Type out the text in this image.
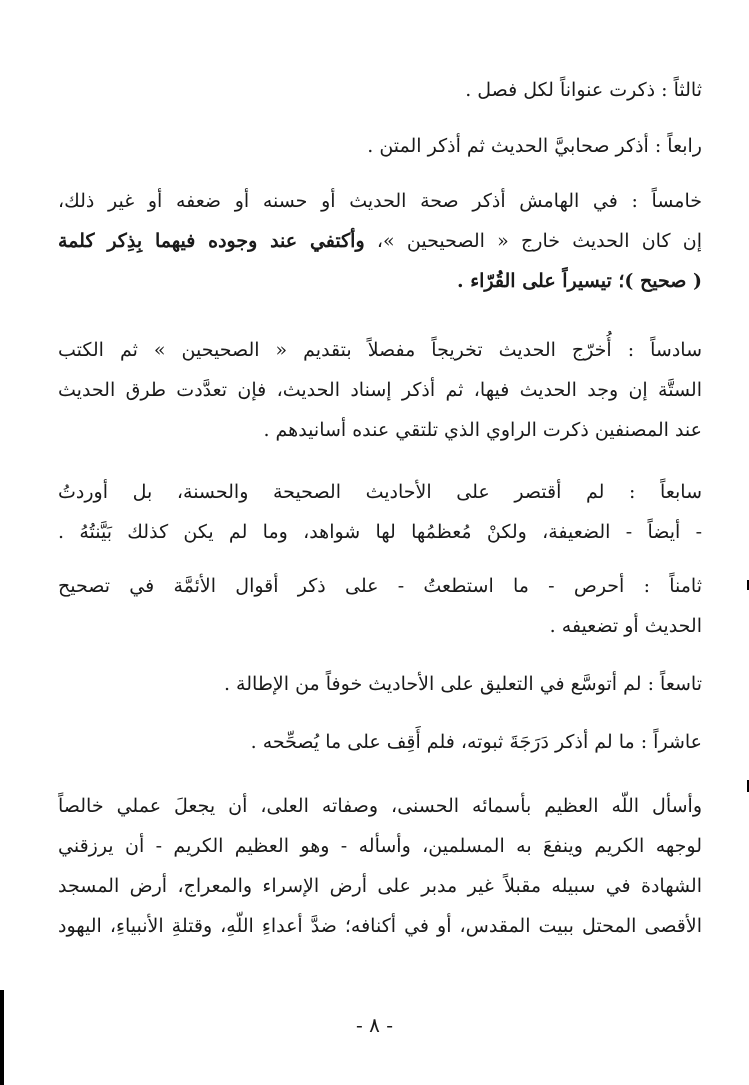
ثالثاً : ذكرت عنواناً لكل فصل .
رابعاً : أذكر صحابيَّ الحديث ثم أذكر المتن .
خامساً : في الهامش أذكر صحة الحديث أو حسنه أو ضعفه أو غير ذلك،
إن كان الحديث خارج « الصحيحين »، وأكتفي عند وجوده فيهما بِذِكر كلمة
( صحيح )؛ تيسيراً على القُرّاء .
سادساً : أُخرّج الحديث تخريجاً مفصلاً بتقديم « الصحيحين » ثم الكتب
الستَّة إن وجد الحديث فيها، ثم أذكر إسناد الحديث، فإن تعدَّدت طرق الحديث
عند المصنفين ذكرت الراوي الذي تلتقي عنده أسانيدهم .
سابعاً : لم أقتصر على الأحاديث الصحيحة والحسنة، بل أوردتُ
- أيضاً - الضعيفة، ولكنْ مُعظمُها لها شواهد، وما لم يكن كذلك بَيَّنتُهُ .
ثامناً : أحرص - ما استطعتُ - على ذكر أقوال الأئمَّة في تصحيح
الحديث أو تضعيفه .
تاسعاً : لم أتوسَّع في التعليق على الأحاديث خوفاً من الإطالة .
عاشراً : ما لم أذكر دَرَجَةَ ثبوته، فلم أَقِف على ما يُصحِّحه .
وأسأل اللّه العظيم بأسمائه الحسنى، وصفاته العلى، أن يجعلَ عملي خالصاً
لوجهه الكريم وينفعَ به المسلمين، وأسأله - وهو العظيم الكريم - أن يرزقني
الشهادة في سبيله مقبلاً غير مدبر على أرض الإسراء والمعراج، أرض المسجد
الأقصى المحتل ببيت المقدس، أو في أكنافه؛ ضدَّ أعداءِ اللّهِ، وقتلةِ الأنبياءِ، اليهود
- ٨ -
